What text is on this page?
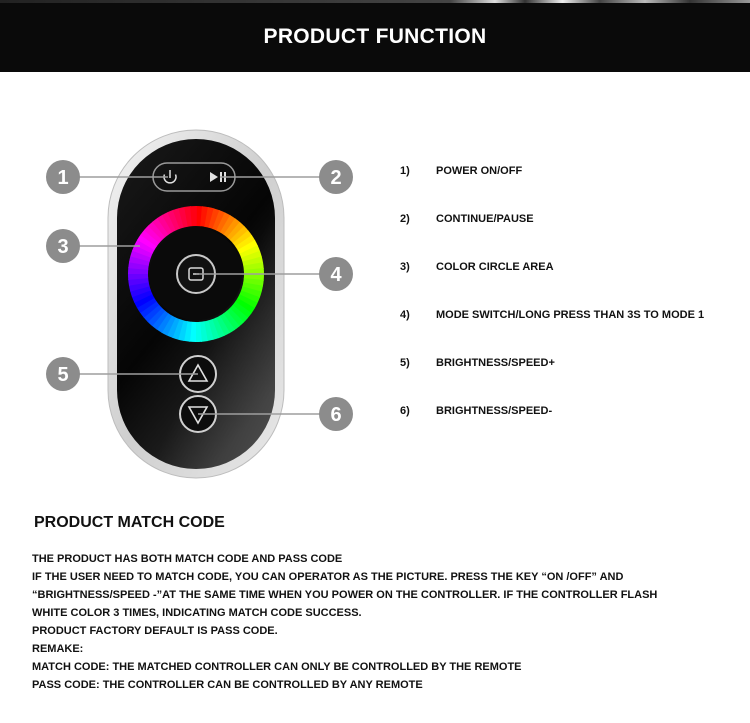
PRODUCT FUNCTION
1	2
3
4
5
6
1) POWER ON/OFF
2) CONTINUE/PAUSE
3) COLOR CIRCLE AREA
4) MODE SWITCH/LONG PRESS THAN 3S TO MODE 1
5) BRIGHTNESS/SPEED+
6) BRIGHTNESS/SPEED-
PRODUCT MATCH CODE
THE PRODUCT HAS BOTH MATCH CODE AND PASS CODE
IF THE USER NEED TO MATCH CODE, YOU CAN OPERATOR AS THE PICTURE. PRESS THE KEY “ON /OFF” AND
“BRIGHTNESS/SPEED -”AT THE SAME TIME WHEN YOU POWER ON THE CONTROLLER. IF THE CONTROLLER FLASH
WHITE COLOR 3 TIMES, INDICATING MATCH CODE SUCCESS.
PRODUCT FACTORY DEFAULT IS PASS CODE.
REMAKE:
MATCH CODE: THE MATCHED CONTROLLER CAN ONLY BE CONTROLLED BY THE REMOTE
PASS CODE: THE CONTROLLER CAN BE CONTROLLED BY ANY REMOTE
